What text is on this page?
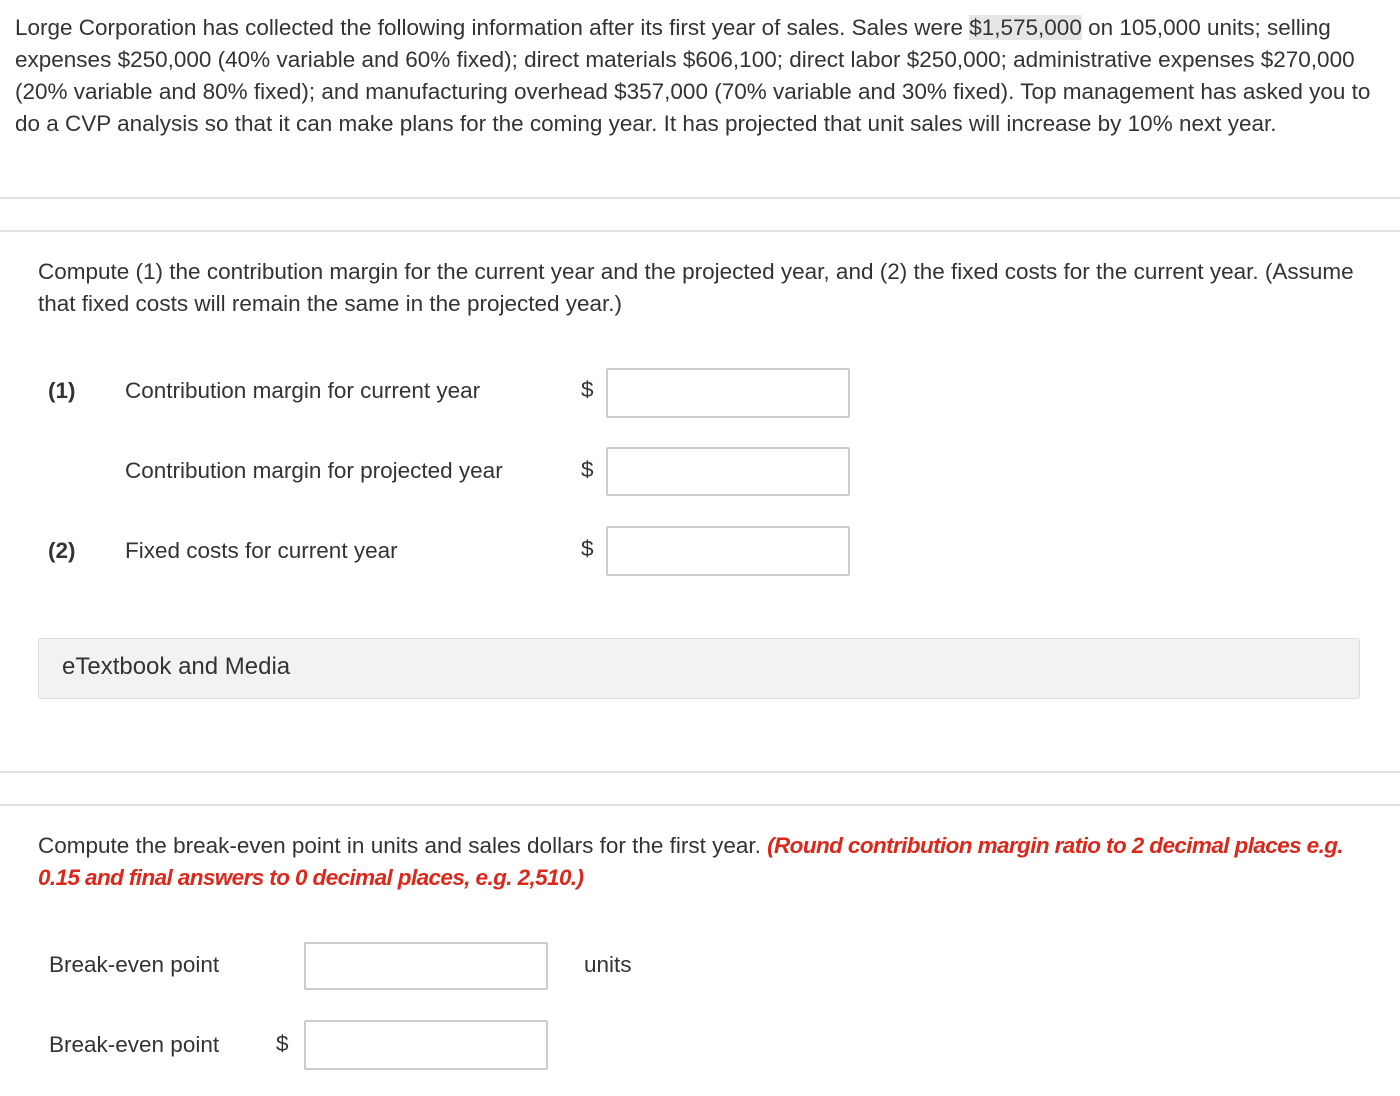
Lorge Corporation has collected the following information after its first year of sales. Sales were $1,575,000 on 105,000 units; selling expenses $250,000 (40% variable and 60% fixed); direct materials $606,100; direct labor $250,000; administrative expenses $270,000 (20% variable and 80% fixed); and manufacturing overhead $357,000 (70% variable and 30% fixed). Top management has asked you to do a CVP analysis so that it can make plans for the coming year. It has projected that unit sales will increase by 10% next year.
Compute (1) the contribution margin for the current year and the projected year, and (2) the fixed costs for the current year. (Assume that fixed costs will remain the same in the projected year.)
(1) Contribution margin for current year	$
Contribution margin for projected year	$
(2) Fixed costs for current year	$
eTextbook and Media
Compute the break-even point in units and sales dollars for the first year. (Round contribution margin ratio to 2 decimal places e.g. 0.15 and final answers to 0 decimal places, e.g. 2,510.)
Break-even point	units
Break-even point	$
